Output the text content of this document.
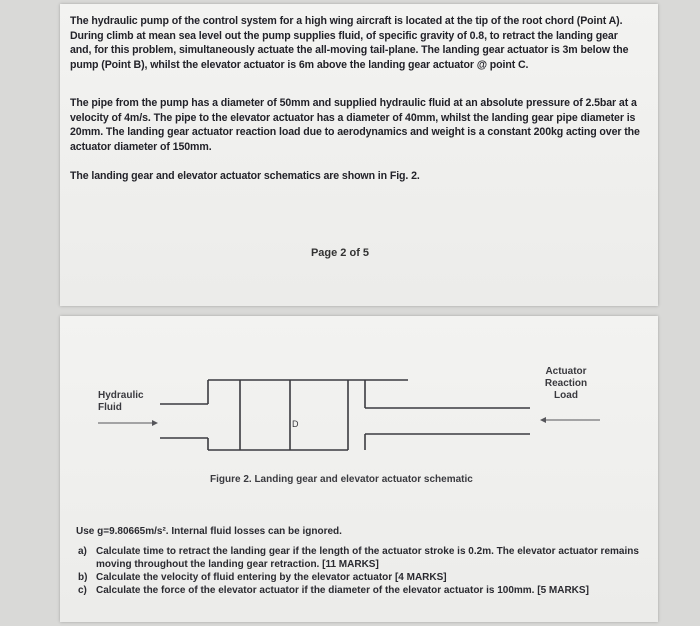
The hydraulic pump of the control system for a high wing aircraft is located at the tip of the root chord (Point A). During climb at mean sea level out the pump supplies fluid, of specific gravity of 0.8, to retract the landing gear and, for this problem, simultaneously actuate the all-moving tail-plane. The landing gear actuator is 3m below the pump (Point B), whilst the elevator actuator is 6m above the landing gear actuator @ point C.

The pipe from the pump has a diameter of 50mm and supplied hydraulic fluid at an absolute pressure of 2.5bar at a velocity of 4m/s. The pipe to the elevator actuator has a diameter of 40mm, whilst the landing gear pipe diameter is 20mm. The landing gear actuator reaction load due to aerodynamics and weight is a constant 200kg acting over the actuator diameter of 150mm.

The landing gear and elevator actuator schematics are shown in Fig. 2.

Page 2 of 5
Hydraulic
Fluid
D
Actuator
Reaction
Load
Figure 2. Landing gear and elevator actuator schematic
Use g=9.80665m/s². Internal fluid losses can be ignored.
a) Calculate time to retract the landing gear if the length of the actuator stroke is 0.2m. The elevator actuator remains moving throughout the landing gear retraction. [11 MARKS]
b) Calculate the velocity of fluid entering by the elevator actuator [4 MARKS]
c) Calculate the force of the elevator actuator if the diameter of the elevator actuator is 100mm. [5 MARKS]
